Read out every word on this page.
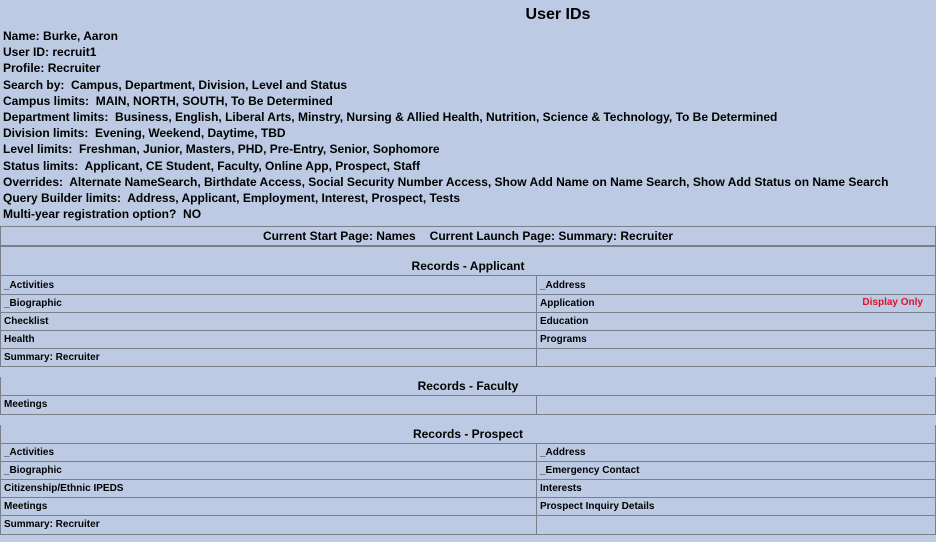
User IDs
Name: Burke, Aaron
User ID: recruit1
Profile: Recruiter
Search by:  Campus, Department, Division, Level and Status
Campus limits:  MAIN, NORTH, SOUTH, To Be Determined
Department limits:  Business, English, Liberal Arts, Minstry, Nursing & Allied Health, Nutrition, Science & Technology, To Be Determined
Division limits:  Evening, Weekend, Daytime, TBD
Level limits:  Freshman, Junior, Masters, PHD, Pre-Entry, Senior, Sophomore
Status limits:  Applicant, CE Student, Faculty, Online App, Prospect, Staff
Overrides:  Alternate NameSearch, Birthdate Access, Social Security Number Access, Show Add Name on Name Search, Show Add Status on Name Search
Query Builder limits:  Address, Applicant, Employment, Interest, Prospect, Tests
Multi-year registration option?  NO
Current Start Page: Names Current Launch Page: Summary: Recruiter
Records - Applicant
_Activities	_Address
_Biographic	Application Display Only

Checklist	Education
Health	Programs
Summary: Recruiter	
Records - Faculty
Meetings	
Records - Prospect
_Activities	_Address
_Biographic	_Emergency Contact
Citizenship/Ethnic IPEDS	Interests
Meetings	Prospect Inquiry Details
Summary: Recruiter	
